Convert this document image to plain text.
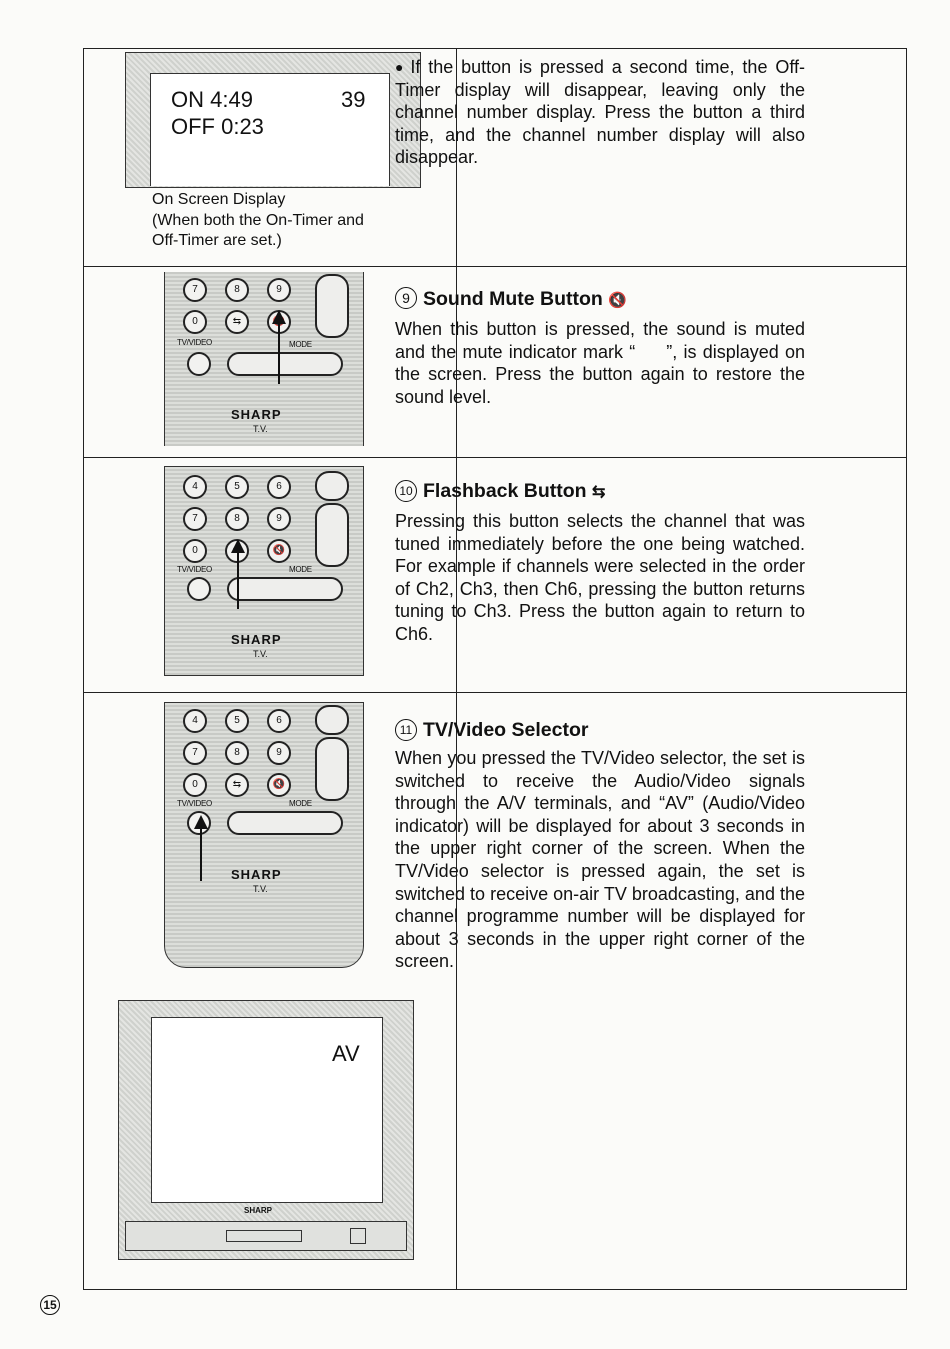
ON 4:49	39
OFF 0:23
On Screen Display
(When both the On-Timer and
Off-Timer are set.)

● If the button is pressed a second time, the Off-Timer display will disappear, leaving only the channel number display. Press the button a third time, and the channel number display will also disappear.

7	8	9
0	⇆
TV/VIDEO	MODE
SHARP
T.V.
9 Sound Mute Button 🔇

When this button is pressed, the sound is muted and the mute indicator mark “     ”, is displayed on the screen. Press the button again to restore the sound level.

4	5	6
7	8	9
0	🔇
TV/VIDEO	MODE
SHARP
T.V.
10 Flashback Button ⇆

Pressing this button selects the channel that was tuned immediately before the one being watched. For example if channels were selected in the order of Ch2, Ch3, then Ch6, pressing the button returns tuning to Ch3. Press the button again to return to Ch6.

4	5	6
7	8	9
0	⇆	🔇
TV/VIDEO	MODE
SHARP
T.V.
AV
SHARP
11 TV/Video Selector

When you pressed the TV/Video selector, the set is switched to receive the Audio/Video signals through the A/V terminals, and “AV” (Audio/Video indicator) will be displayed for about 3 seconds in the upper right corner of the screen. When the TV/Video selector is pressed again, the set is switched to receive on-air TV broadcasting, and the channel programme number will be displayed for about 3 seconds in the upper right corner of the screen.

15
